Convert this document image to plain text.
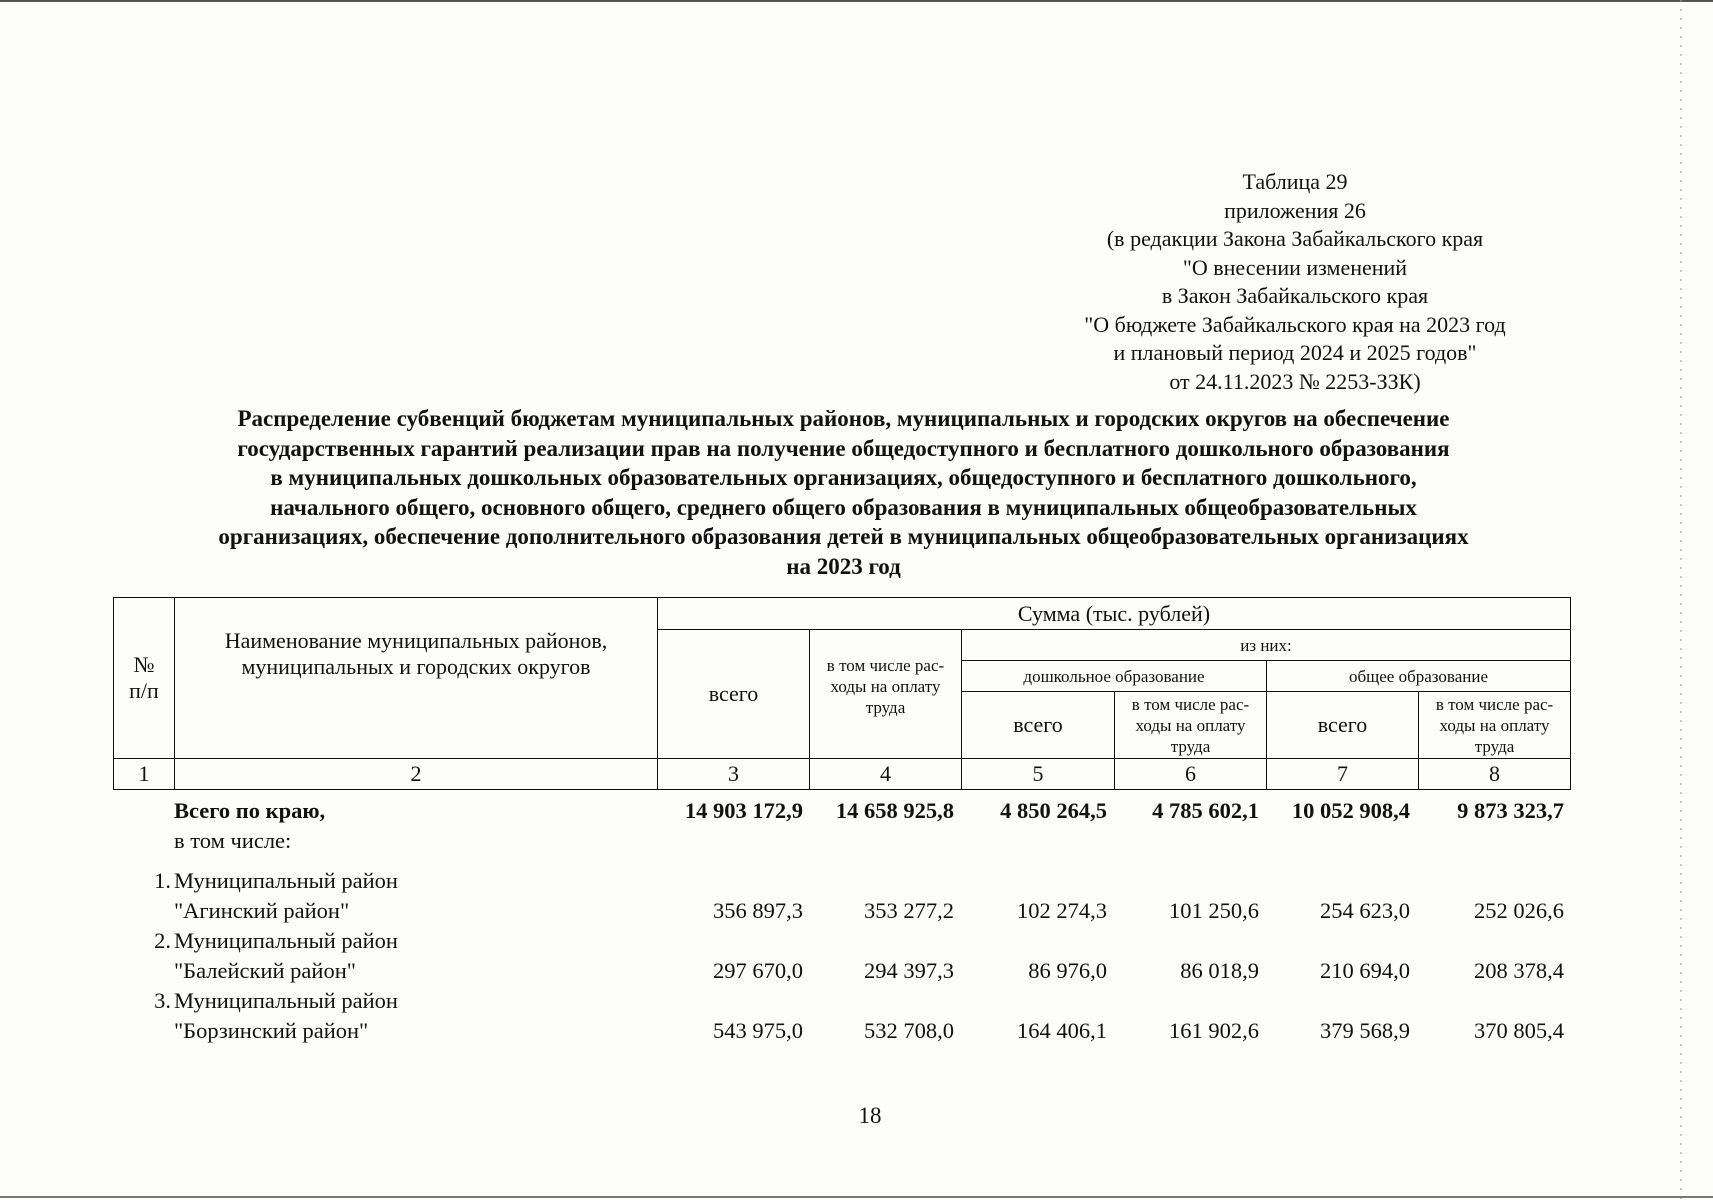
Таблица 29
приложения 26
(в редакции Закона Забайкальского края
"О внесении изменений
в Закон Забайкальского края
"О бюджете Забайкальского края на 2023 год
и плановый период 2024 и 2025 годов"
от 24.11.2023 № 2253-ЗЗК)
Распределение субвенций бюджетам муниципальных районов, муниципальных и городских округов на обеспечение
государственных гарантий реализации прав на получение общедоступного и бесплатного дошкольного образования
в муниципальных дошкольных образовательных организациях, общедоступного и бесплатного дошкольного,
начального общего, основного общего, среднего общего образования в муниципальных общеобразовательных
организациях, обеспечение дополнительного образования детей в муниципальных общеобразовательных организациях
на 2023 год
№ п/п	Наименование муниципальных районов, муниципальных и городских округов	Сумма (тыс. рублей)					
		всего	в том числе рас-ходы на оплату труда	из них:			
				дошкольное образование		общее образование	
				всего	в том числе рас-ходы на оплату труда	всего	в том числе рас-ходы на оплату труда

1	2	3	4	5	6	7	8
Всего по краю,	14 903 172,9	14 658 925,8	4 850 264,5	4 785 602,1	10 052 908,4	9 873 323,7
в том числе:
1. Муниципальный район
"Агинский район"	356 897,3	353 277,2	102 274,3	101 250,6	254 623,0	252 026,6
2. Муниципальный район
"Балейский район"	297 670,0	294 397,3	86 976,0	86 018,9	210 694,0	208 378,4
3. Муниципальный район
"Борзинский район"	543 975,0	532 708,0	164 406,1	161 902,6	379 568,9	370 805,4
18
